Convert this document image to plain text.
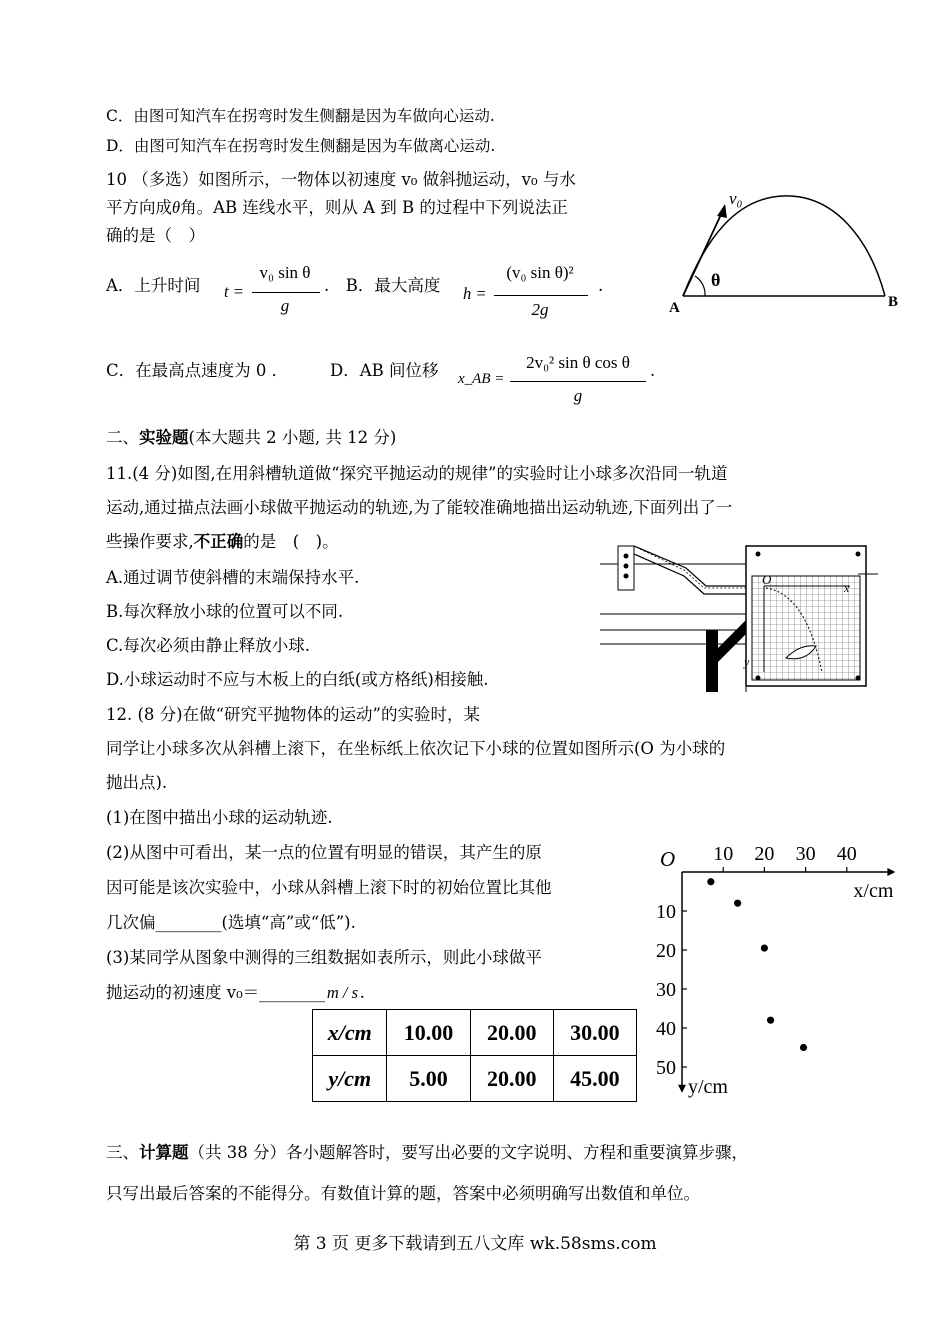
C．由图可知汽车在拐弯时发生侧翻是因为车做向心运动.
D．由图可知汽车在拐弯时发生侧翻是因为车做离心运动.
10 （多选）如图所示，一物体以初速度 v₀ 做斜抛运动，v₀ 与水
平方向成θ角。AB 连线水平，则从 A 到 B 的过程中下列说法正
确的是（　）
A．上升时间 t =
v₀ sin θ
g
.　B．最大高度 h =
(v₀ sin θ)²
2g
.
C．在最高点速度为 0 ．	D．AB 间位移 x_AB =
2v₀² sin θ cos θ
g
.
v₀
θ
A	B
二、实验题(本大题共 2 小题, 共 12 分)
11.(4 分)如图,在用斜槽轨道做“探究平抛运动的规律”的实验时让小球多次沿同一轨道
运动,通过描点法画小球做平抛运动的轨迹,为了能较准确地描出运动轨迹,下面列出了一
些操作要求,不正确的是　(　)。
A.通过调节使斜槽的末端保持水平.
B.每次释放小球的位置可以不同.
C.每次必须由静止释放小球.
D.小球运动时不应与木板上的白纸(或方格纸)相接触.
O
x
y
12. (8 分)在做“研究平抛物体的运动”的实验时，某
同学让小球多次从斜槽上滚下，在坐标纸上依次记下小球的位置如图所示(O 为小球的
抛出点).
(1)在图中描出小球的运动轨迹.
(2)从图中可看出，某一点的位置有明显的错误，其产生的原
因可能是该次实验中，小球从斜槽上滚下时的初始位置比其他
几次偏________(选填“高”或“低”).
(3)某同学从图象中测得的三组数据如表所示，则此小球做平
抛运动的初速度 v₀＝________  m / s  .
x/cm	10.00	20.00	30.00
y/cm	5.00	20.00	45.00
O
x/cm
y/cm
10 20 30 40
10
20
30
40
50
三、计算题（共 38 分）各小题解答时，要写出必要的文字说明、方程和重要演算步骤，
只写出最后答案的不能得分。有数值计算的题，答案中必须明确写出数值和单位。
第 3 页 更多下载请到五八文库 wk.58sms.com
